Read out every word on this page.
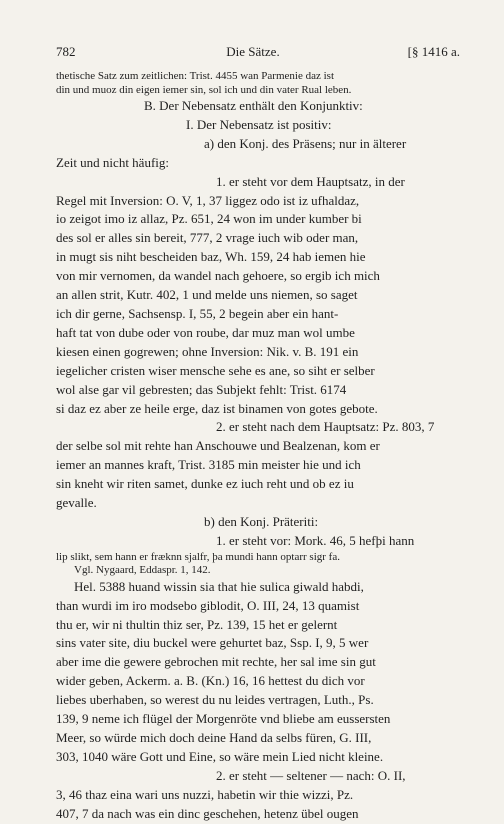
782	Die Sätze.	[§ 1416 a.
thetische Satz zum zeitlichen: Trist. 4455 wan Parmenie daz ist
din und muoz din eigen iemer sin, sol ich und din vater Rual leben.
B. Der Nebensatz enthält den Konjunktiv:
I. Der Nebensatz ist positiv:
a) den Konj. des Präsens; nur in älterer
Zeit und nicht häufig:
1. er steht vor dem Hauptsatz, in der
Regel mit Inversion: O. V, 1, 37 liggez odo ist iz ufhaldaz,
io zeigot imo iz allaz, Pz. 651, 24 won im under kumber bi
des sol er alles sin bereit, 777, 2 vrage iuch wib oder man,
in mugt sis niht bescheiden baz, Wh. 159, 24 hab iemen hie
von mir vernomen, da wandel nach gehoere, so ergib ich mich
an allen strit, Kutr. 402, 1 und melde uns niemen, so saget
ich dir gerne, Sachsensp. I, 55, 2 begein aber ein hant-
haft tat von dube oder von roube, dar muz man wol umbe
kiesen einen gogrewen; ohne Inversion: Nik. v. B. 191 ein
iegelicher cristen wiser mensche sehe es ane, so siht er selber
wol alse gar vil gebresten; das Subjekt fehlt: Trist. 6174
si daz ez aber ze heile erge, daz ist binamen von gotes gebote.
2. er steht nach dem Hauptsatz: Pz. 803, 7
der selbe sol mit rehte han Anschouwe und Bealzenan, kom er
iemer an mannes kraft, Trist. 3185 min meister hie und ich
sin kneht wir riten samet, dunke ez iuch reht und ob ez iu
gevalle.
b) den Konj. Präteriti:
1. er steht vor: Mork. 46, 5 hefþi hann
lip slikt, sem hann er fræknn sjalfr, þa mundi hann optarr sigr fa.
Vgl. Nygaard, Eddaspr. 1, 142.
Hel. 5388 huand wissin sia that hie sulica giwald habdi,
than wurdi im iro modsebo giblodit, O. III, 24, 13 quamist
thu er, wir ni thultin thiz ser, Pz. 139, 15 het er gelernt
sins vater site, diu buckel were gehurtet baz, Ssp. I, 9, 5 wer
aber ime die gewere gebrochen mit rechte, her sal ime sin gut
wider geben, Ackerm. a. B. (Kn.) 16, 16 hettest du dich vor
liebes uberhaben, so werest du nu leides vertragen, Luth., Ps.
139, 9 neme ich flügel der Morgenröte vnd bliebe am eussersten
Meer, so würde mich doch deine Hand da selbs füren, G. III,
303, 1040 wäre Gott und Eine, so wäre mein Lied nicht kleine.
2. er steht — seltener — nach: O. II,
3, 46 thaz eina wari uns nuzzi, habetin wir thie wizzi, Pz.
407, 7 da nach was ein dinc geschehen, hetenz übel ougen
